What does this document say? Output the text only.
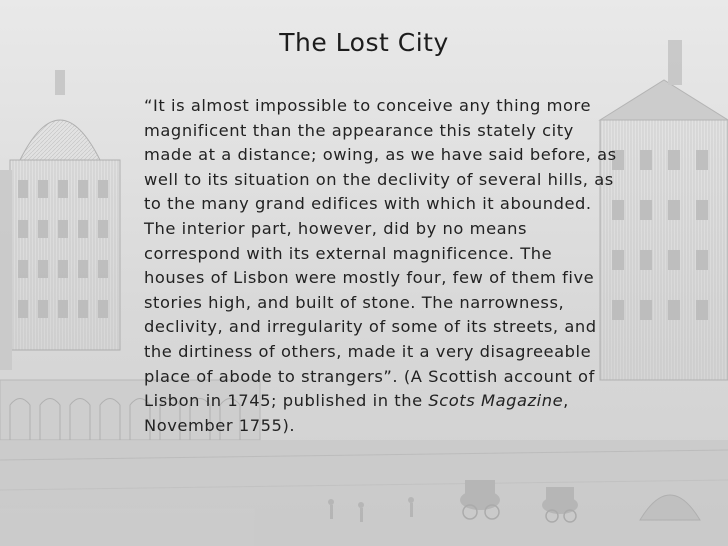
The Lost City
“It is almost impossible to conceive any thing more
magnificent than the appearance this stately city
made at a distance; owing, as we have said before, as
well to its situation on the declivity of several hills, as
to the many grand edifices with which it abounded.
The interior part, however, did by no means
correspond with its external magnificence. The
houses of Lisbon were mostly four, few of them five
stories high, and built of stone. The narrowness,
declivity, and irregularity of some of its streets, and
the dirtiness of others, made it a very disagreeable
place of abode to strangers”. (A Scottish account of
Lisbon in 1745; published in the Scots Magazine,
November 1755).
